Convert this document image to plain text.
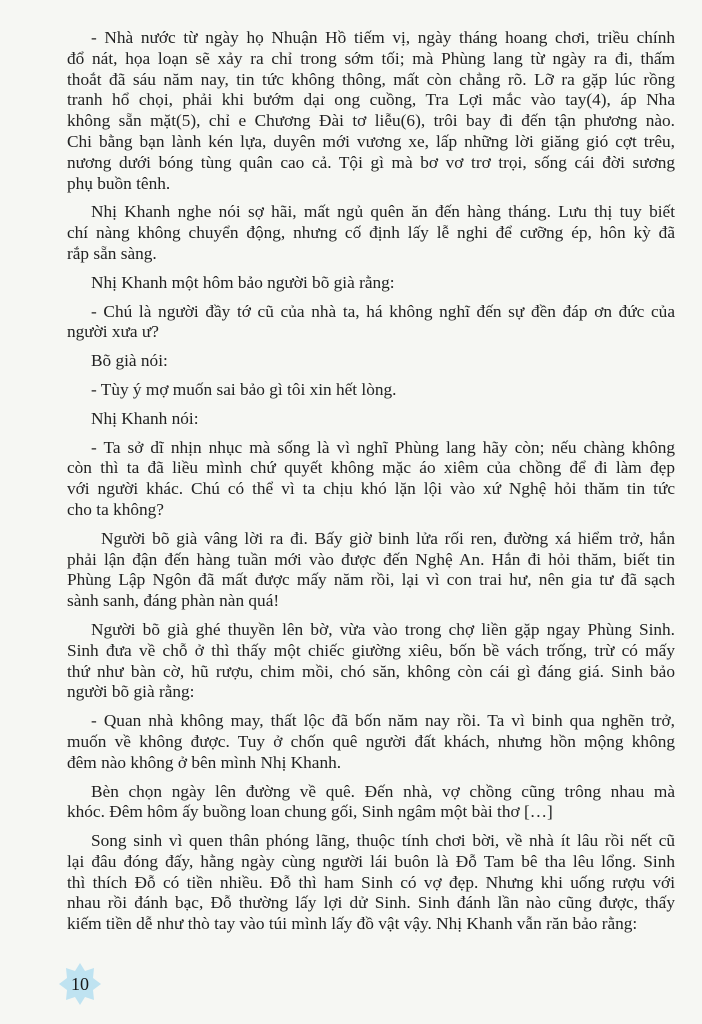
- Nhà nước từ ngày họ Nhuận Hồ tiếm vị, ngày tháng hoang chơi, triều chính
đổ nát, họa loạn sẽ xảy ra chỉ trong sớm tối; mà Phùng lang từ ngày ra đi, thấm
thoắt đã sáu năm nay, tin tức không thông, mất còn chẳng rõ. Lỡ ra gặp lúc rồng
tranh hổ chọi, phải khi bướm dại ong cuồng, Tra Lợi mắc vào tay(4), áp Nha
không sẵn mặt(5), chỉ e Chương Đài tơ liễu(6), trôi bay đi đến tận phương nào.
Chi bằng bạn lành kén lựa, duyên mới vương xe, lấp những lời giăng gió cợt trêu,
nương dưới bóng tùng quân cao cả. Tội gì mà bơ vơ trơ trọi, sống cái đời sương
phụ buồn tênh.
Nhị Khanh nghe nói sợ hãi, mất ngủ quên ăn đến hàng tháng. Lưu thị tuy biết
chí nàng không chuyển động, nhưng cố định lấy lễ nghi để cưỡng ép, hôn kỳ đã
rắp sẵn sàng.
Nhị Khanh một hôm bảo người bõ già rằng:
- Chú là người đầy tớ cũ của nhà ta, há không nghĩ đến sự đền đáp ơn đức của
người xưa ư?
Bõ già nói:
- Tùy ý mợ muốn sai bảo gì tôi xin hết lòng.
Nhị Khanh nói:
- Ta sở dĩ nhịn nhục mà sống là vì nghĩ Phùng lang hãy còn; nếu chàng không
còn thì ta đã liều mình chứ quyết không mặc áo xiêm của chồng để đi làm đẹp
với người khác. Chú có thể vì ta chịu khó lặn lội vào xứ Nghệ hỏi thăm tin tức
cho ta không?
Người bõ già vâng lời ra đi. Bấy giờ binh lửa rối ren, đường xá hiểm trở, hắn
phải lận đận đến hàng tuần mới vào được đến Nghệ An. Hắn đi hỏi thăm, biết tin
Phùng Lập Ngôn đã mất được mấy năm rồi, lại vì con trai hư, nên gia tư đã sạch
sành sanh, đáng phàn nàn quá!
Người bõ già ghé thuyền lên bờ, vừa vào trong chợ liền gặp ngay Phùng Sinh.
Sinh đưa về chỗ ở thì thấy một chiếc giường xiêu, bốn bề vách trống, trừ có mấy
thứ như bàn cờ, hũ rượu, chim mồi, chó săn, không còn cái gì đáng giá. Sinh bảo
người bõ già rằng:
- Quan nhà không may, thất lộc đã bốn năm nay rồi. Ta vì binh qua nghẽn trở,
muốn về không được. Tuy ở chốn quê người đất khách, nhưng hồn mộng không
đêm nào không ở bên mình Nhị Khanh.
Bèn chọn ngày lên đường về quê. Đến nhà, vợ chồng cũng trông nhau mà
khóc. Đêm hôm ấy buồng loan chung gối, Sinh ngâm một bài thơ […]
Song sinh vì quen thân phóng lãng, thuộc tính chơi bời, về nhà ít lâu rồi nết cũ
lại đâu đóng đấy, hằng ngày cùng người lái buôn là Đỗ Tam bê tha lêu lổng. Sinh
thì thích Đỗ có tiền nhiều. Đỗ thì ham Sinh có vợ đẹp. Nhưng khi uống rượu với
nhau rồi đánh bạc, Đỗ thường lấy lợi dử Sinh. Sinh đánh lần nào cũng được, thấy
kiếm tiền dễ như thò tay vào túi mình lấy đồ vật vậy. Nhị Khanh vẫn răn bảo rằng:
10
